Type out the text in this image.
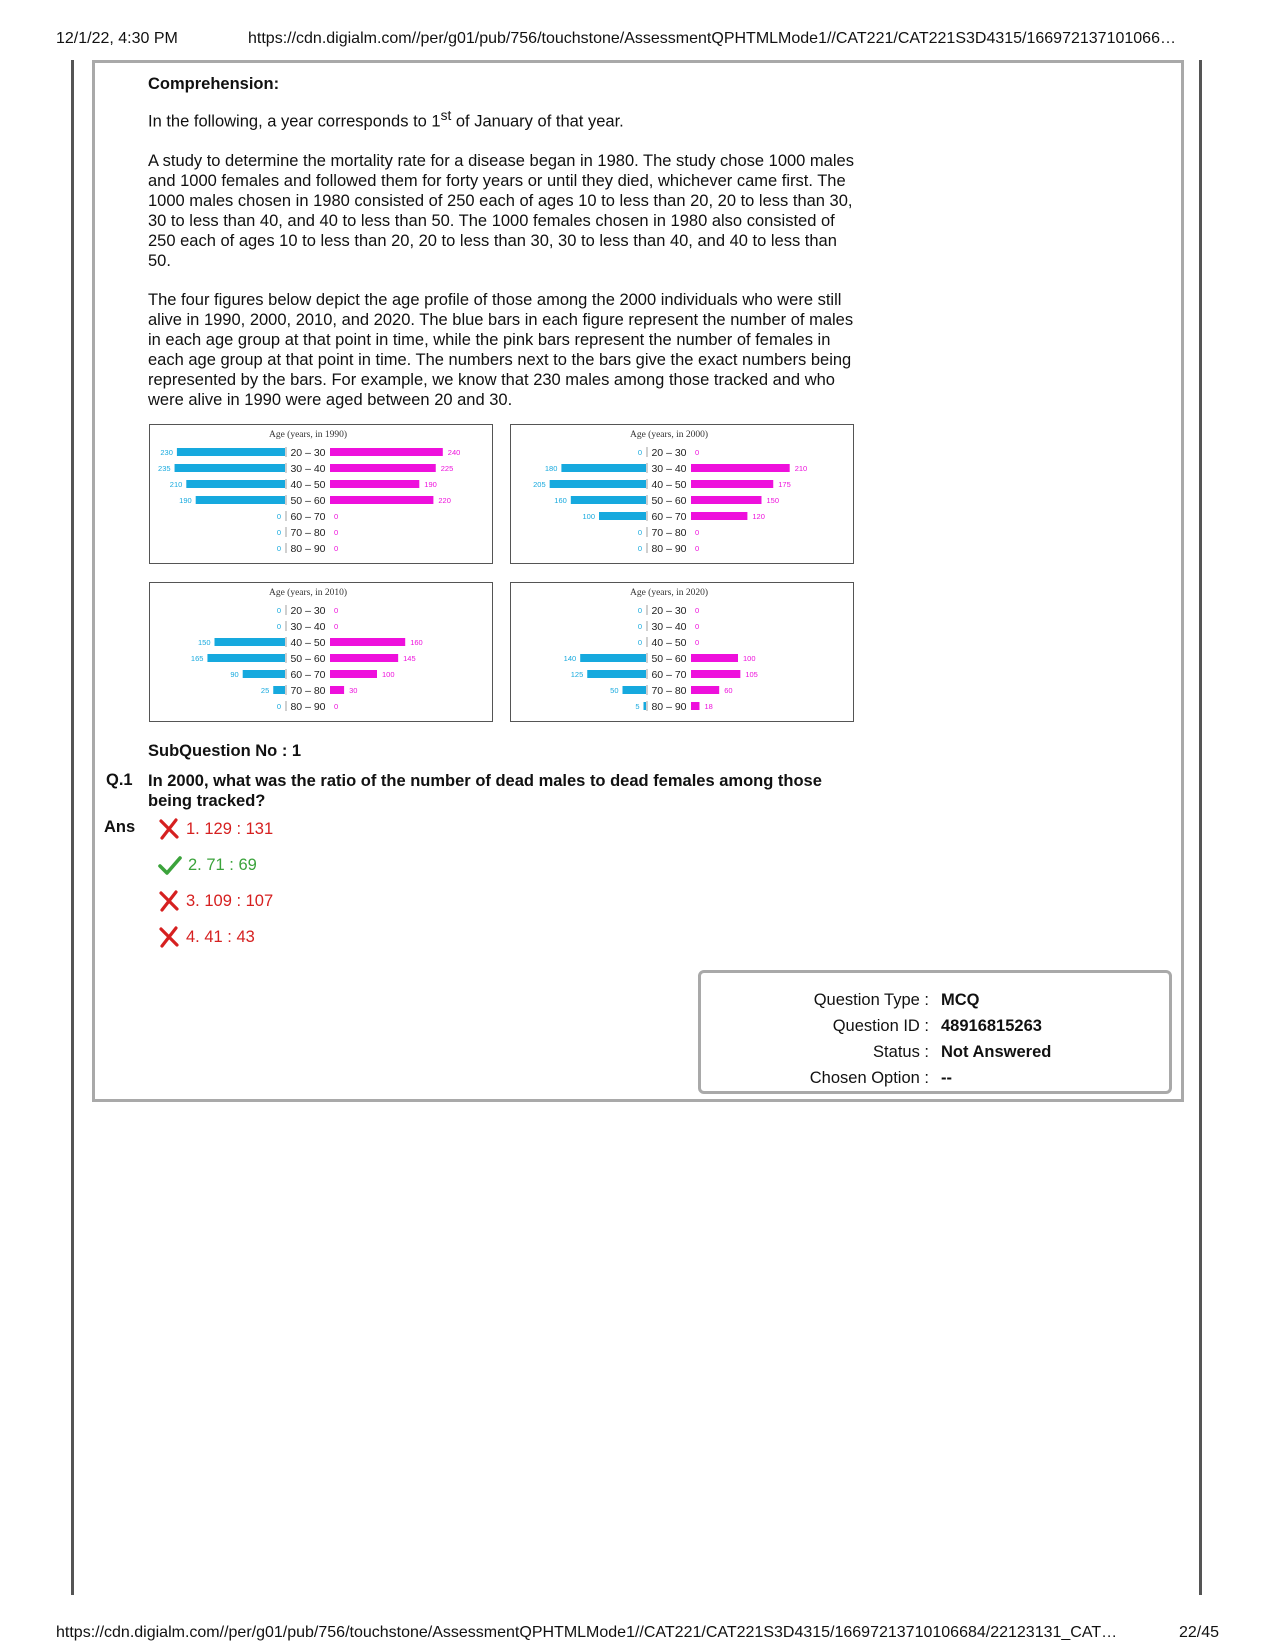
12/1/22, 4:30 PM	https://cdn.digialm.com//per/g01/pub/756/touchstone/AssessmentQPHTMLMode1//CAT221/CAT221S3D4315/166972137101066…
Comprehension:

In the following, a year corresponds to 1st of January of that year.

A study to determine the mortality rate for a disease began in 1980. The study chose 1000 males and 1000 females and followed them for forty years or until they died, whichever came first. The 1000 males chosen in 1980 consisted of 250 each of ages 10 to less than 20, 20 to less than 30, 30 to less than 40, and 40 to less than 50. The 1000 females chosen in 1980 also consisted of 250 each of ages 10 to less than 20, 20 to less than 30, 30 to less than 40, and 40 to less than 50.

The four figures below depict the age profile of those among the 2000 individuals who were still alive in 1990, 2000, 2010, and 2020. The blue bars in each figure represent the number of males in each age group at that point in time, while the pink bars represent the number of females in each age group at that point in time. The numbers next to the bars give the exact numbers being represented by the bars. For example, we know that 230 males among those tracked and who were alive in 1990 were aged between 20 and 30.

Age (years, in 1990)
20 – 30
230	240
30 – 40
235	225
40 – 50
210	190
50 – 60
190	220
60 – 70
0	0
70 – 80
0	0
80 – 90
0	0
Age (years, in 2000)
20 – 30
0	0
30 – 40
180	210
40 – 50
205	175
50 – 60
160	150
60 – 70
100	120
70 – 80
0	0
80 – 90
0	0
Age (years, in 2010)
20 – 30
0	0
30 – 40
0	0
40 – 50
150	160
50 – 60
165	145
60 – 70
90	100
70 – 80
25	30
80 – 90
0	0
Age (years, in 2020)
20 – 30
0	0
30 – 40
0	0
40 – 50
0	0
50 – 60
140	100
60 – 70
125	105
70 – 80
50	60
80 – 90
5	18
SubQuestion No : 1
Q.1 In 2000, what was the ratio of the number of dead males to dead females among those being tracked?
Ans	1. 129 : 131
2. 71 : 69
3. 109 : 107
4. 41 : 43
Question Type : MCQ
Question ID : 48916815263
Status : Not Answered
Chosen Option : --
https://cdn.digialm.com//per/g01/pub/756/touchstone/AssessmentQPHTMLMode1//CAT221/CAT221S3D4315/16697213710106684/22123131_CAT…	22/45
